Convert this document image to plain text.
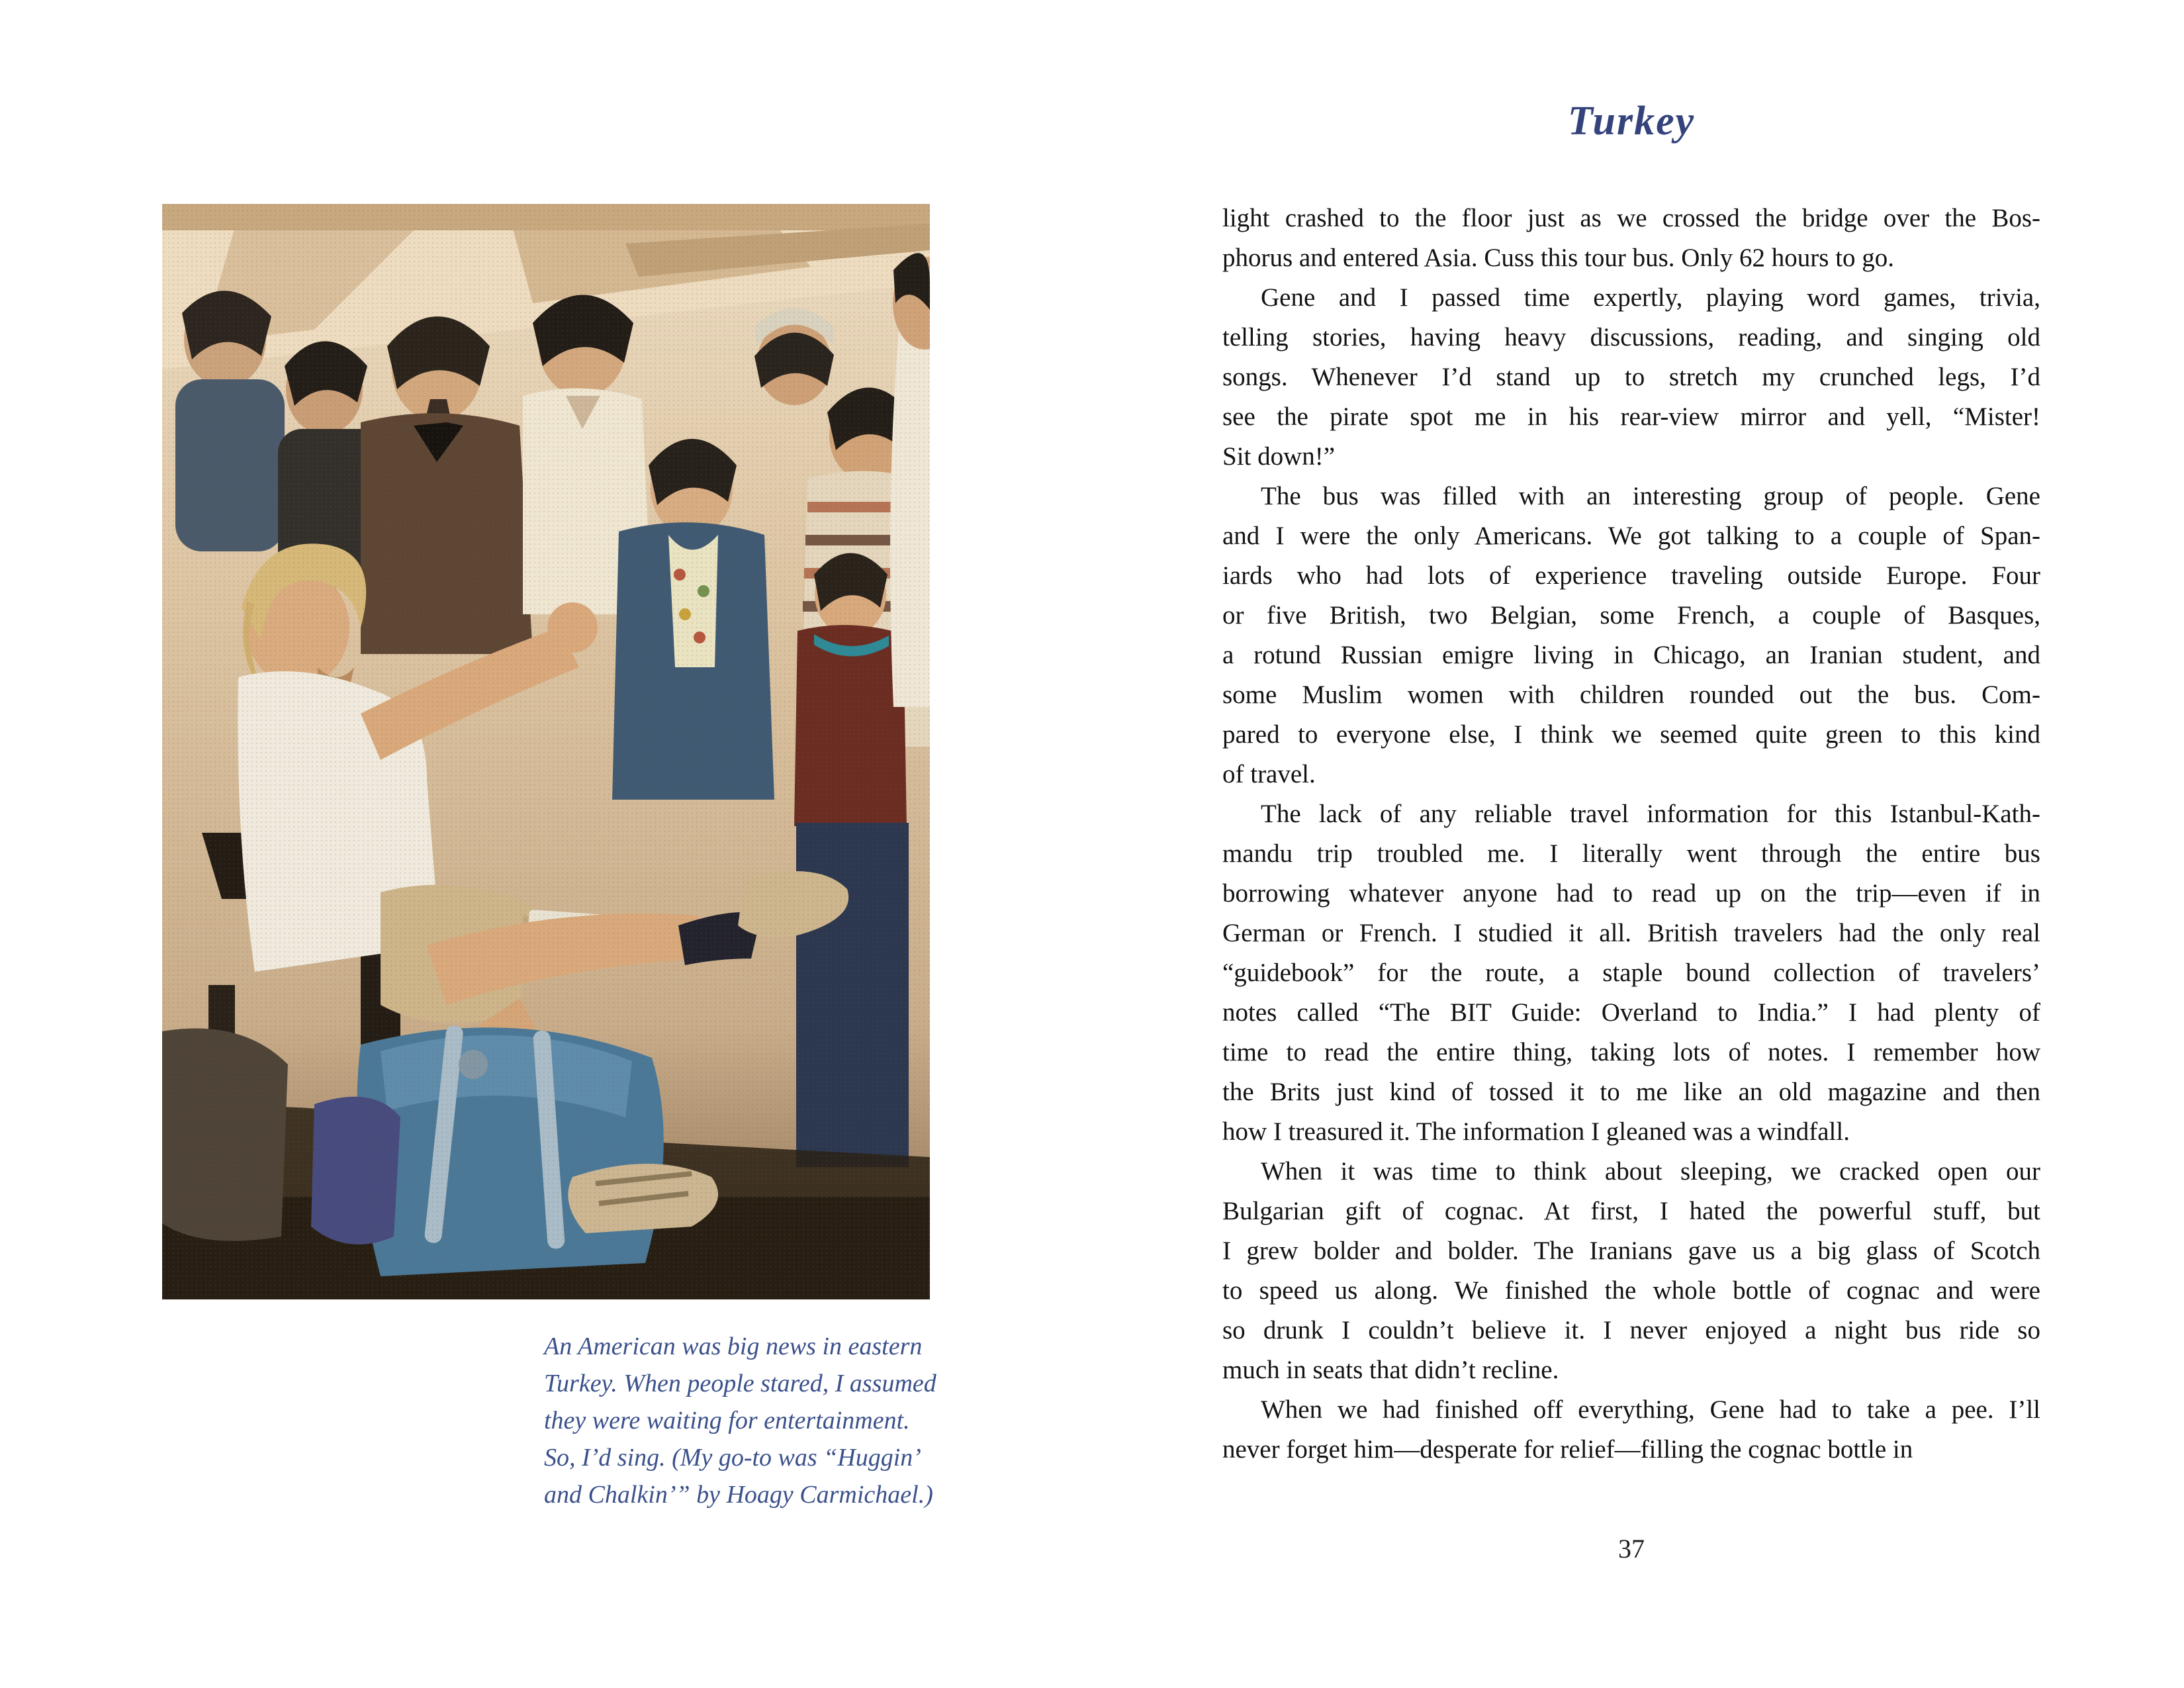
An American was big news in eastern
Turkey. When people stared, I assumed
they were waiting for entertainment.
So, I’d sing. (My go-to was “Huggin’
and Chalkin’” by Hoagy Carmichael.)
Turkey
light crashed to the floor just as we crossed the bridge over the Bos-
phorus and entered Asia. Cuss this tour bus. Only 62 hours to go.
Gene and I passed time expertly, playing word games, trivia,
telling stories, having heavy discussions, reading, and singing old
songs. Whenever I’d stand up to stretch my crunched legs, I’d
see the pirate spot me in his rear-view mirror and yell, “Mister!
Sit down!”
The bus was filled with an interesting group of people. Gene
and I were the only Americans. We got talking to a couple of Span-
iards who had lots of experience traveling outside Europe. Four
or five British, two Belgian, some French, a couple of Basques,
a rotund Russian emigre living in Chicago, an Iranian student, and
some Muslim women with children rounded out the bus. Com-
pared to everyone else, I think we seemed quite green to this kind
of travel.
The lack of any reliable travel information for this Istanbul-Kath-
mandu trip troubled me. I literally went through the entire bus
borrowing whatever anyone had to read up on the trip—even if in
German or French. I studied it all. British travelers had the only real
“guidebook” for the route, a staple bound collection of travelers’
notes called “The BIT Guide: Overland to India.” I had plenty of
time to read the entire thing, taking lots of notes. I remember how
the Brits just kind of tossed it to me like an old magazine and then
how I treasured it. The information I gleaned was a windfall.
When it was time to think about sleeping, we cracked open our
Bulgarian gift of cognac. At first, I hated the powerful stuff, but
I grew bolder and bolder. The Iranians gave us a big glass of Scotch
to speed us along. We finished the whole bottle of cognac and were
so drunk I couldn’t believe it. I never enjoyed a night bus ride so
much in seats that didn’t recline.
When we had finished off everything, Gene had to take a pee. I’ll
never forget him—desperate for relief—filling the cognac bottle in
37
